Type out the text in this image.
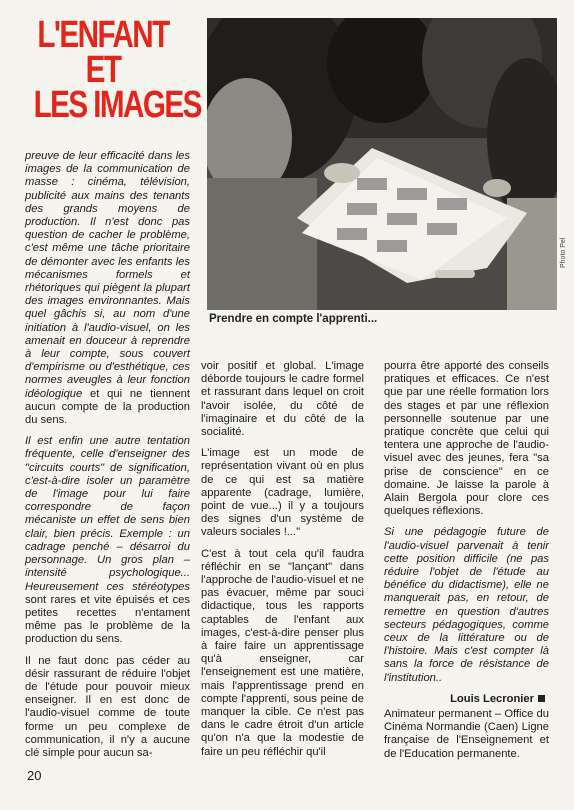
L'ENFANT
ET
LES IMAGES
Photo Pel
Prendre en compte l'apprenti...

preuve de leur efficacité dans les images de la communication de masse : cinéma, télévision, publicité aux mains des tenants des grands moyens de production. Il n'est donc pas question de cacher le problème, c'est même une tâche prioritaire de démonter avec les enfants les mécanismes formels et rhétoriques qui piègent la plupart des images environnantes. Mais quel gâchis si, au nom d'une initiation à l'audio-visuel, on les amenait en douceur à reprendre à leur compte, sous couvert d'empirisme ou d'esthétique, ces normes aveugles à leur fonction idéologique et qui ne tiennent aucun compte de la production du sens.

Il est enfin une autre tentation fréquente, celle d'enseigner des "circuits courts" de signification, c'est-à-dire isoler un paramètre de l'image pour lui faire correspondre de façon mécaniste un effet de sens bien clair, bien précis. Exemple : un cadrage penché – désarroi du personnage. Un gros plan – intensité psychologique... Heureusement ces stéréotypes sont rares et vite épuisés et ces petites recettes n'entament même pas le problème de la production du sens.

Il ne faut donc pas céder au désir rassurant de réduire l'objet de l'étude pour pouvoir mieux enseigner. Il en est donc de l'audio-visuel comme de toute forme un peu complexe de communication, il n'y a aucune clé simple pour aucun sa-

voir positif et global. L'image déborde toujours le cadre formel et rassurant dans lequel on croit l'avoir isolée, du côté de l'imaginaire et du côté de la socialité.

L'image est un mode de représentation vivant où en plus de ce qui est sa matière apparente (cadrage, lumière, point de vue...) il y a toujours des signes d'un système de valeurs sociales !..."

C'est à tout cela qu'il faudra réfléchir en se "lançant" dans l'approche de l'audio-visuel et ne pas évacuer, même par souci didactique, tous les rapports captables de l'enfant aux images, c'est-à-dire penser plus à faire faire un apprentissage qu'à enseigner, car l'enseignement est une matière, mais l'apprentissage prend en compte l'apprenti, sous peine de manquer la cible. Ce n'est pas dans le cadre étroit d'un article qu'on n'a que la modestie de faire un peu réfléchir qu'il

pourra être apporté des conseils pratiques et efficaces. Ce n'est que par une réelle formation lors des stages et par une réflexion personnelle soutenue par une pratique concrète que celui qui tentera une approche de l'audio-visuel avec des jeunes, fera "sa prise de conscience" en ce domaine. Je laisse la parole à Alain Bergola pour clore ces quelques réflexions.

Si une pédagogie future de l'audio-visuel parvenait à tenir cette position difficile (ne pas réduire l'objet de l'étude au bénéfice du didactisme), elle ne manquerait pas, en retour, de remettre en question d'autres secteurs pédagogiques, comme ceux de la littérature ou de l'histoire. Mais c'est compter là sans la force de résistance de l'institution..

Louis Lecronier

Animateur permanent – Office du Cinéma Normandie (Caen) Ligne française de l'Enseignement et de l'Education permanente.

20
